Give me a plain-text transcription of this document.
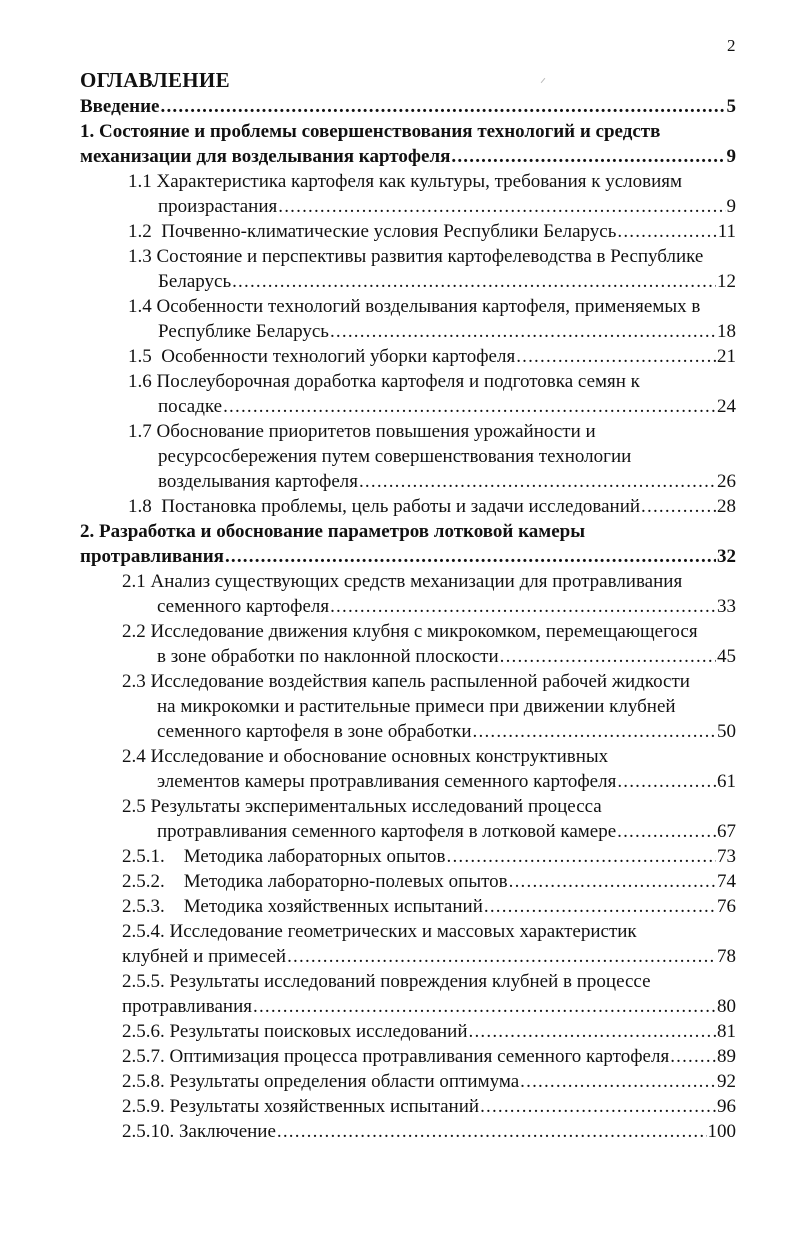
2
ОГЛАВЛЕНИЕ
Введение .....	5
1. Состояние и проблемы совершенствования технологий и средств
механизации для возделывания картофеля .....	9
1.1 Характеристика картофеля как культуры, требования к условиям
произрастания .....	9
1.2 Почвенно-климатические условия Республики Беларусь .....	11
1.3 Состояние и перспективы развития картофелеводства в Республике
Беларусь .....	12
1.4 Особенности технологий возделывания картофеля, применяемых в
Республике Беларусь .....	18
1.5 Особенности технологий уборки картофеля .....	21
1.6 Послеуборочная доработка картофеля и подготовка семян к
посадке .....	24
1.7 Обоснование приоритетов повышения урожайности и
ресурсосбережения путем совершенствования технологии
возделывания картофеля .....	26
1.8 Постановка проблемы, цель работы и задачи исследований .....	28
2. Разработка и обоснование параметров лотковой камеры
протравливания .....	32
2.1 Анализ существующих средств механизации для протравливания
семенного картофеля .....	33
2.2 Исследование движения клубня с микрокомком, перемещающегося
в зоне обработки по наклонной плоскости .....	45
2.3 Исследование воздействия капель распыленной рабочей жидкости
на микрокомки и растительные примеси при движении клубней
семенного картофеля в зоне обработки .....	50
2.4 Исследование и обоснование основных конструктивных
элементов камеры протравливания семенного картофеля .....	61
2.5 Результаты экспериментальных исследований процесса
протравливания семенного картофеля в лотковой камере .....	67
2.5.1. Методика лабораторных опытов .....	73
2.5.2. Методика лабораторно-полевых опытов .....	74
2.5.3. Методика хозяйственных испытаний .....	76
2.5.4. Исследование геометрических и массовых характеристик
клубней и примесей .....	78
2.5.5. Результаты исследований повреждения клубней в процессе
протравливания .....	80
2.5.6. Результаты поисковых исследований .....	81
2.5.7. Оптимизация процесса протравливания семенного картофеля .....	89
2.5.8. Результаты определения области оптимума .....	92
2.5.9. Результаты хозяйственных испытаний .....	96
2.5.10. Заключение .....	100
